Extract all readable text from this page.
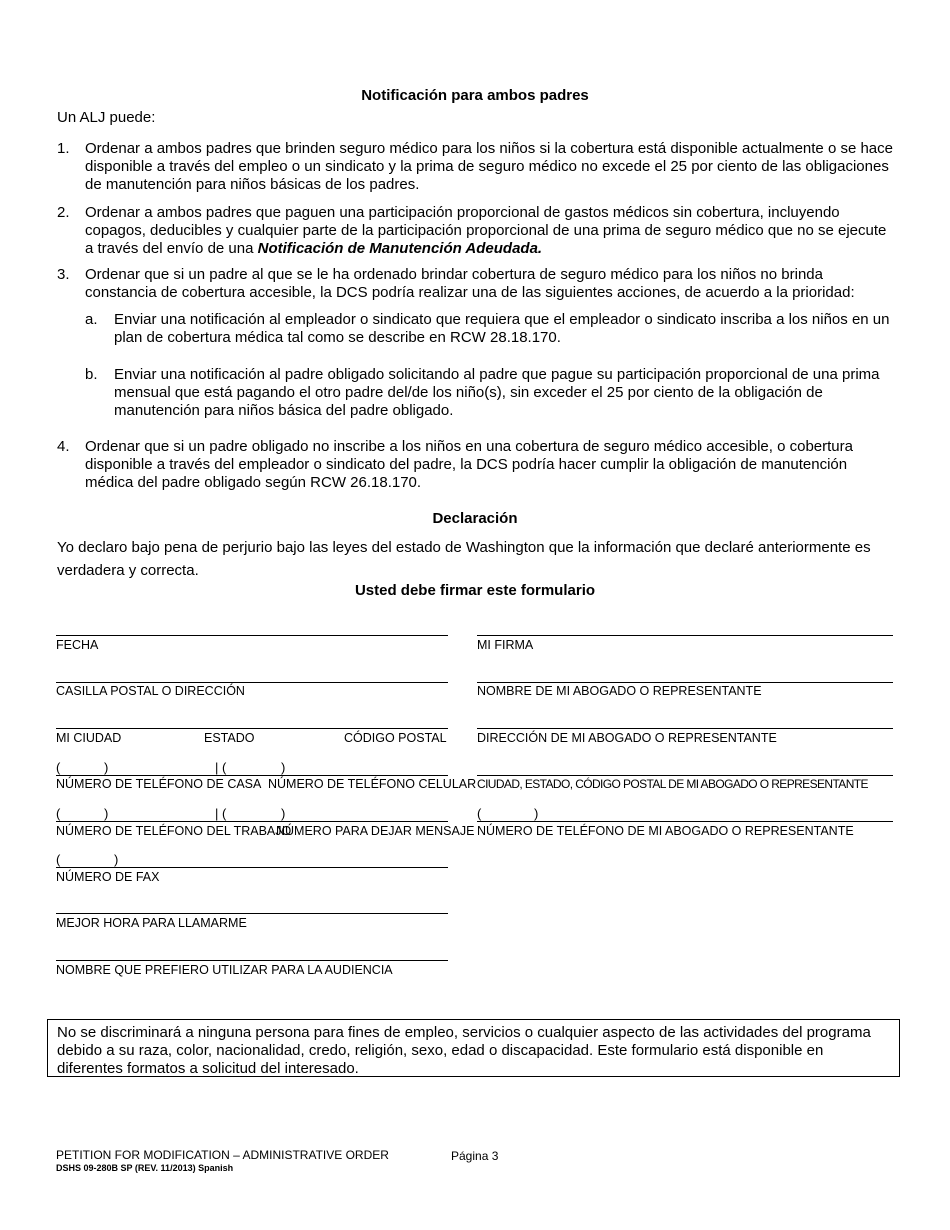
Notificación para ambos padres
Un ALJ puede:
1. Ordenar a ambos padres que brinden seguro médico para los niños si la cobertura está disponible actualmente o se hace disponible a través del empleo o un sindicato y la prima de seguro médico no excede el 25 por ciento de las obligaciones de manutención para niños básicas de los padres.
2. Ordenar a ambos padres que paguen una participación proporcional de gastos médicos sin cobertura, incluyendo copagos, deducibles y cualquier parte de la participación proporcional de una prima de seguro médico que no se ejecute a través del envío de una Notificación de Manutención Adeudada.
3. Ordenar que si un padre al que se le ha ordenado brindar cobertura de seguro médico para los niños no brinda constancia de cobertura accesible, la DCS podría realizar una de las siguientes acciones, de acuerdo a la prioridad:
a. Enviar una notificación al empleador o sindicato que requiera que el empleador o sindicato inscriba a los niños en un plan de cobertura médica tal como se describe en RCW 28.18.170.
b. Enviar una notificación al padre obligado solicitando al padre que pague su participación proporcional de una prima mensual que está pagando el otro padre del/de los niño(s), sin exceder el 25 por ciento de la obligación de manutención para niños básica del padre obligado.
4. Ordenar que si un padre obligado no inscribe a los niños en una cobertura de seguro médico accesible, o cobertura disponible a través del empleador o sindicato del padre, la DCS podría hacer cumplir la obligación de manutención médica del padre obligado según RCW 26.18.170.
Declaración
Yo declaro bajo pena de perjurio bajo las leyes del estado de Washington que la información que declaré anteriormente es verdadera y correcta.
Usted debe firmar este formulario
FECHA
CASILLA POSTAL O DIRECCIÓN
MI CIUDAD	ESTADO	CÓDIGO POSTAL
(	)	| (	)
NÚMERO DE TELÉFONO DE CASA NÚMERO DE TELÉFONO CELULAR
(	)	| (	)
NÚMERO DE TELÉFONO DEL TRABAJO
NÚMERO PARA DEJAR MENSAJE
(	)
NÚMERO DE FAX
MEJOR HORA PARA LLAMARME
NOMBRE QUE PREFIERO UTILIZAR PARA LA AUDIENCIA
MI FIRMA
NOMBRE DE MI ABOGADO O REPRESENTANTE
DIRECCIÓN DE MI ABOGADO O REPRESENTANTE
CIUDAD, ESTADO, CÓDIGO POSTAL DE MI ABOGADO O REPRESENTANTE
(	)
NÚMERO DE TELÉFONO DE MI ABOGADO O REPRESENTANTE
No se discriminará a ninguna persona para fines de empleo, servicios o cualquier aspecto de las actividades del programa debido a su raza, color, nacionalidad, credo, religión, sexo, edad o discapacidad. Este formulario está disponible en diferentes formatos a solicitud del interesado.
PETITION FOR MODIFICATION – ADMINISTRATIVE ORDER	Página 3
DSHS 09-280B SP (REV. 11/2013) Spanish
